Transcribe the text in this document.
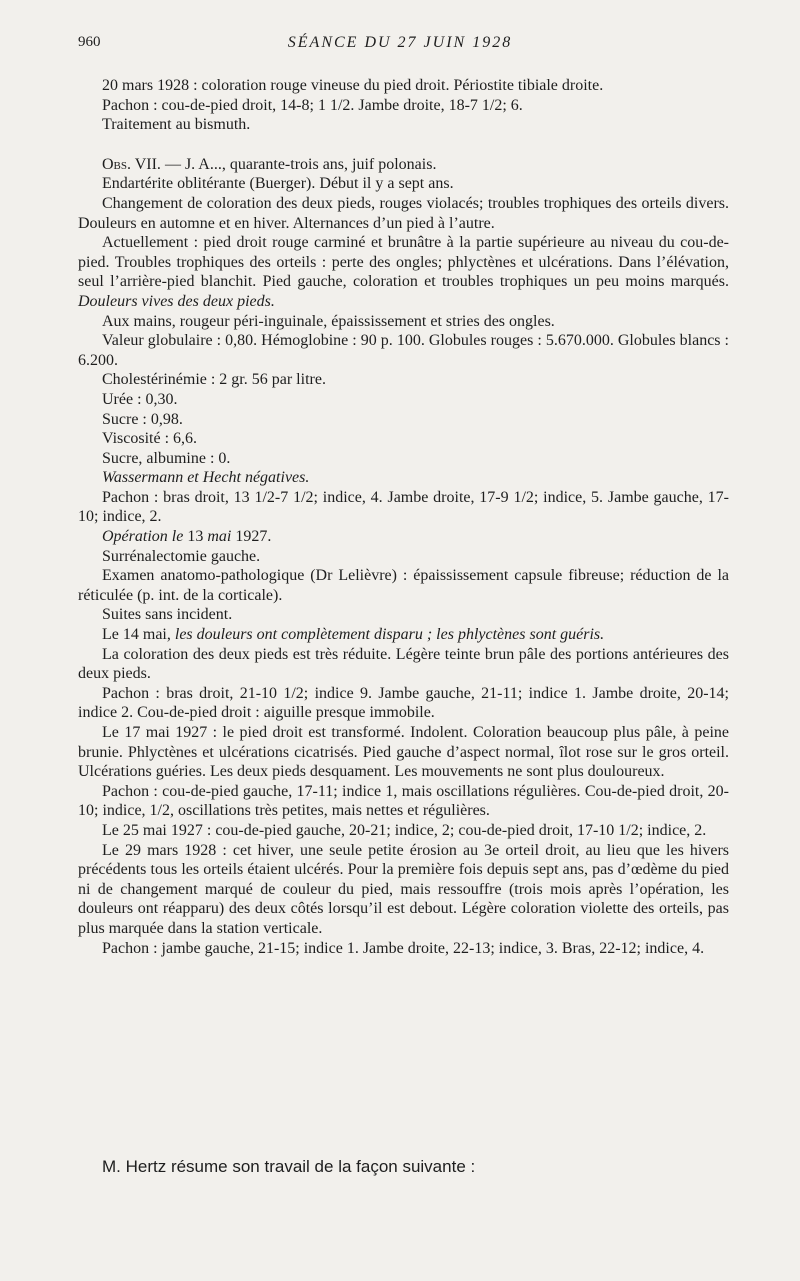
960	SÉANCE DU 27 JUIN 1928

20 mars 1928 : coloration rouge vineuse du pied droit. Périostite tibiale droite.

Pachon : cou-de-pied droit, 14-8; 1 1/2. Jambe droite, 18-7 1/2; 6.

Traitement au bismuth.

Obs. VII. — J. A..., quarante-trois ans, juif polonais.

Endartérite oblitérante (Buerger). Début il y a sept ans.

Changement de coloration des deux pieds, rouges violacés; troubles trophiques des orteils divers. Douleurs en automne et en hiver. Alternances d’un pied à l’autre.

Actuellement : pied droit rouge carminé et brunâtre à la partie supérieure au niveau du cou-de-pied. Troubles trophiques des orteils : perte des ongles; phlyctènes et ulcérations. Dans l’élévation, seul l’arrière-pied blanchit. Pied gauche, coloration et troubles trophiques un peu moins marqués. Douleurs vives des deux pieds.

Aux mains, rougeur péri-inguinale, épaississement et stries des ongles.

Valeur globulaire : 0,80. Hémoglobine : 90 p. 100. Globules rouges : 5.670.000. Globules blancs : 6.200.

Cholestérinémie : 2 gr. 56 par litre.

Urée : 0,30.

Sucre : 0,98.

Viscosité : 6,6.

Sucre, albumine : 0.

Wassermann et Hecht négatives.

Pachon : bras droit, 13 1/2-7 1/2; indice, 4. Jambe droite, 17-9 1/2; indice, 5. Jambe gauche, 17-10; indice, 2.

Opération le 13 mai 1927.

Surrénalectomie gauche.

Examen anatomo-pathologique (Dr Lelièvre) : épaississement capsule fibreuse; réduction de la réticulée (p. int. de la corticale).

Suites sans incident.

Le 14 mai, les douleurs ont complètement disparu ; les phlyctènes sont guéris.

La coloration des deux pieds est très réduite. Légère teinte brun pâle des portions antérieures des deux pieds.

Pachon : bras droit, 21-10 1/2; indice 9. Jambe gauche, 21-11; indice 1. Jambe droite, 20-14; indice 2. Cou-de-pied droit : aiguille presque immobile.

Le 17 mai 1927 : le pied droit est transformé. Indolent. Coloration beaucoup plus pâle, à peine brunie. Phlyctènes et ulcérations cicatrisés. Pied gauche d’aspect normal, îlot rose sur le gros orteil. Ulcérations guéries. Les deux pieds desquament. Les mouvements ne sont plus douloureux.

Pachon : cou-de-pied gauche, 17-11; indice 1, mais oscillations régulières. Cou-de-pied droit, 20-10; indice, 1/2, oscillations très petites, mais nettes et régulières.

Le 25 mai 1927 : cou-de-pied gauche, 20-21; indice, 2; cou-de-pied droit, 17-10 1/2; indice, 2.

Le 29 mars 1928 : cet hiver, une seule petite érosion au 3e orteil droit, au lieu que les hivers précédents tous les orteils étaient ulcérés. Pour la première fois depuis sept ans, pas d’œdème du pied ni de changement marqué de couleur du pied, mais ressouffre (trois mois après l’opération, les douleurs ont réapparu) des deux côtés lorsqu’il est debout. Légère coloration violette des orteils, pas plus marquée dans la station verticale.

Pachon : jambe gauche, 21-15; indice 1. Jambe droite, 22-13; indice, 3. Bras, 22-12; indice, 4.

M. Hertz résume son travail de la façon suivante :
